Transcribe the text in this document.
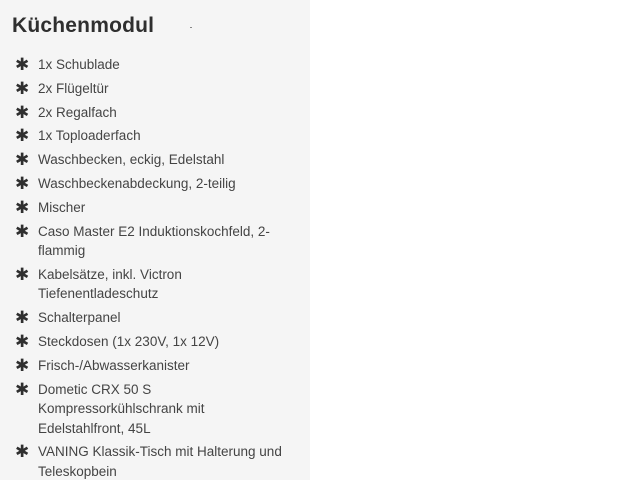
Küchenmodul
✱ 1x Schublade
✱ 2x Flügeltür
✱ 2x Regalfach
✱ 1x Toploaderfach
✱ Waschbecken, eckig, Edelstahl
✱ Waschbeckenabdeckung, 2-teilig
✱ Mischer
✱ Caso Master E2 Induktionskochfeld, 2-flammig
✱ Kabelsätze, inkl. Victron Tiefenentladeschutz
✱ Schalterpanel
✱ Steckdosen (1x 230V, 1x 12V)
✱ Frisch-/Abwasserkanister
✱ Dometic CRX 50 S Kompressorkühlschrank mit Edelstahlfront, 45L
✱ VANING Klassik-Tisch mit Halterung und Teleskopbein
